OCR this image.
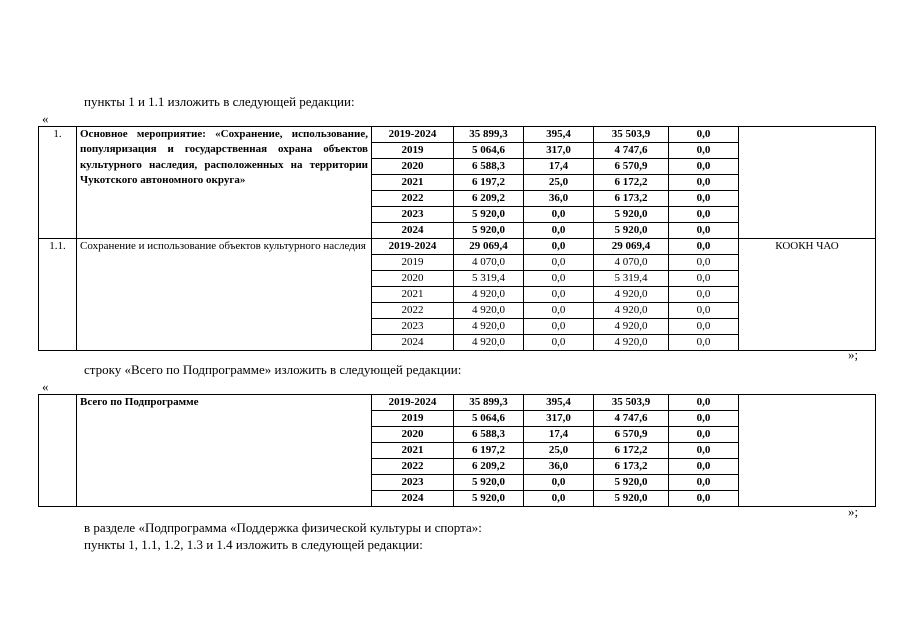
пункты 1 и 1.1 изложить в следующей редакции:
«
1.	Основное мероприятие: «Сохранение, использование, популяризация и государственная охрана объектов культурного наследия, расположенных на территории Чукотского автономного округа»	2019-2024	35 899,3	395,4	35 503,9	0,0	
		2019	5 064,6	317,0	4 747,6	0,0	
		2020	6 588,3	17,4	6 570,9	0,0	
		2021	6 197,2	25,0	6 172,2	0,0	
		2022	6 209,2	36,0	6 173,2	0,0	
		2023	5 920,0	0,0	5 920,0	0,0	
		2024	5 920,0	0,0	5 920,0	0,0	
1.1.	Сохранение и использование объектов культурного наследия	2019-2024	29 069,4	0,0	29 069,4	0,0	КООКН ЧАО
		2019	4 070,0	0,0	4 070,0	0,0	
		2020	5 319,4	0,0	5 319,4	0,0	
		2021	4 920,0	0,0	4 920,0	0,0	
		2022	4 920,0	0,0	4 920,0	0,0	
		2023	4 920,0	0,0	4 920,0	0,0	
		2024	4 920,0	0,0	4 920,0	0,0	
»;
строку «Всего по Подпрограмме» изложить в следующей редакции:
«
	Всего по Подпрограмме	2019-2024	35 899,3	395,4	35 503,9	0,0	
		2019	5 064,6	317,0	4 747,6	0,0	
		2020	6 588,3	17,4	6 570,9	0,0	
		2021	6 197,2	25,0	6 172,2	0,0	
		2022	6 209,2	36,0	6 173,2	0,0	
		2023	5 920,0	0,0	5 920,0	0,0	
		2024	5 920,0	0,0	5 920,0	0,0	
»;
в разделе «Подпрограмма «Поддержка физической культуры и спорта»:
пункты 1, 1.1, 1.2, 1.3 и 1.4 изложить в следующей редакции:
